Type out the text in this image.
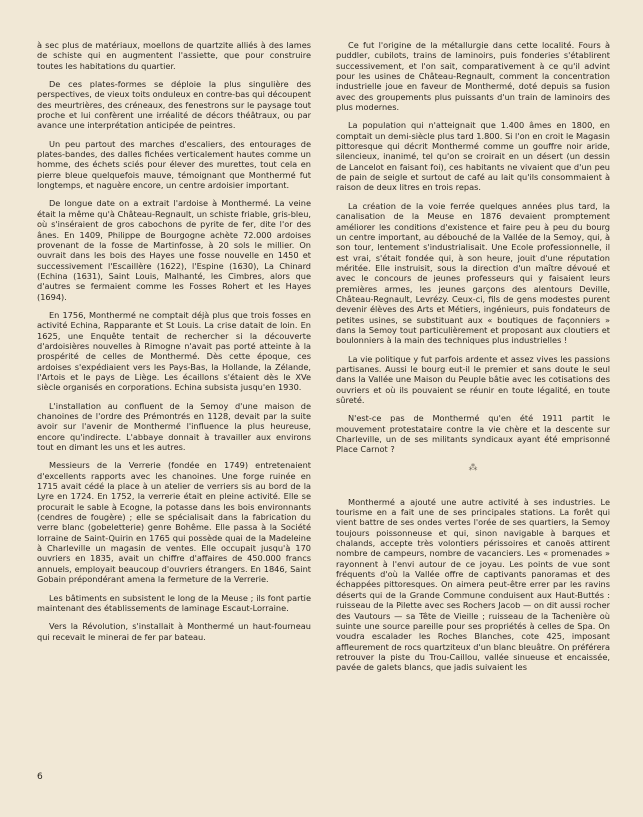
à sec plus de matériaux, moellons de quartzite alliés à des lames de schiste qui en augmentent l'assiette, que pour construire toutes les habitations du quartier.

De ces plates-formes se déploie la plus singulière des perspectives, de vieux toits onduleux en contre-bas qui découpent des meurtrières, des créneaux, des fenestrons sur le paysage tout proche et lui confèrent une irréalité de décors théâtraux, ou par avance une interprétation anticipée de peintres.

Un peu partout des marches d'escaliers, des entourages de plates-bandes, des dalles fichées verticalement hautes comme un homme, des échets sciés pour élever des murettes, tout cela en pierre bleue quelquefois mauve, témoignant que Monthermé fut longtemps, et naguère encore, un centre ardoisier important.

De longue date on a extrait l'ardoise à Monthermé. La veine était la même qu'à Château-Regnault, un schiste friable, gris-bleu, où s'inséraient de gros cabochons de pyrite de fer, dite l'or des ânes. En 1409, Philippe de Bourgogne achète 72.000 ardoises provenant de la fosse de Martinfosse, à 20 sols le millier. On ouvrait dans les bois des Hayes une fosse nouvelle en 1450 et successivement l'Escaillère (1622), l'Espine (1630), La Chinard (Echina (1631), Saint Louis, Malhanté, les Cimbres, alors que d'autres se fermaient comme les Fosses Rohert et les Hayes (1694).

En 1756, Monthermé ne comptait déjà plus que trois fosses en activité Echina, Rapparante et St Louis. La crise datait de loin. En 1625, une Enquête tentait de rechercher si la découverte d'ardoisières nouvelles à Rimogne n'avait pas porté atteinte à la prospérité de celles de Monthermé. Dès cette époque, ces ardoises s'expédiaient vers les Pays-Bas, la Hollande, la Zélande, l'Artois et le pays de Liège. Les écaillons s'étaient dès le XVe siècle organisés en corporations. Echina subsista jusqu'en 1930.

L'installation au confluent de la Semoy d'une maison de chanoines de l'ordre des Prémontrés en 1128, devait par la suite avoir sur l'avenir de Monthermé l'influence la plus heureuse, encore qu'indirecte. L'abbaye donnait à travailler aux environs tout en dimant les uns et les autres.

Messieurs de la Verrerie (fondée en 1749) entretenaient d'excellents rapports avec les chanoines. Une forge ruinée en 1715 avait cédé la place à un atelier de verriers sis au bord de la Lyre en 1724. En 1752, la verrerie était en pleine activité. Elle se procurait le sable à Ecogne, la potasse dans les bois environnants (cendres de fougère) ; elle se spécialisait dans la fabrication du verre blanc (gobeletterie) genre Bohême. Elle passa à la Société lorraine de Saint-Quirin en 1765 qui possède quai de la Madeleine à Charleville un magasin de ventes. Elle occupait jusqu'à 170 ouvriers en 1835, avait un chiffre d'affaires de 450.000 francs annuels, employait beaucoup d'ouvriers étrangers. En 1846, Saint Gobain prépondérant amena la fermeture de la Verrerie.

Les bâtiments en subsistent le long de la Meuse ; ils font partie maintenant des établissements de laminage Escaut-Lorraine.

Vers la Révolution, s'installait à Monthermé un haut-fourneau qui recevait le minerai de fer par bateau.

Ce fut l'origine de la métallurgie dans cette localité. Fours à puddler, cubilots, trains de laminoirs, puis fonderies s'établirent successivement, et l'on sait, comparativement à ce qu'il advint pour les usines de Château-Regnault, comment la concentration industrielle joue en faveur de Monthermé, doté depuis sa fusion avec des groupements plus puissants d'un train de laminoirs des plus modernes.

La population qui n'atteignait que 1.400 âmes en 1800, en comptait un demi-siècle plus tard 1.800. Si l'on en croit le Magasin pittoresque qui décrit Monthermé comme un gouffre noir aride, silencieux, inanimé, tel qu'on se croirait en un désert (un dessin de Lancelot en faisant foi), ces habitants ne vivaient que d'un peu de pain de seigle et surtout de café au lait qu'ils consommaient à raison de deux litres en trois repas.

La création de la voie ferrée quelques années plus tard, la canalisation de la Meuse en 1876 devaient promptement améliorer les conditions d'existence et faire peu à peu du bourg un centre important, au débouché de la Vallée de la Semoy, qui, à son tour, lentement s'industrialisait. Une Ecole professionnelle, il est vrai, s'était fondée qui, à son heure, jouit d'une réputation méritée. Elle instruisit, sous la direction d'un maître dévoué et avec le concours de jeunes professeurs qui y faisaient leurs premières armes, les jeunes garçons des alentours Deville, Château-Regnault, Levrézy. Ceux-ci, fils de gens modestes purent devenir élèves des Arts et Métiers, ingénieurs, puis fondateurs de petites usines, se substituant aux « boutiques de façonniers » dans la Semoy tout particulièrement et proposant aux cloutiers et boulonniers à la main des techniques plus industrielles !

La vie politique y fut parfois ardente et assez vives les passions partisanes. Aussi le bourg eut-il le premier et sans doute le seul dans la Vallée une Maison du Peuple bâtie avec les cotisations des ouvriers et où ils pouvaient se réunir en toute légalité, en toute sûreté.

N'est-ce pas de Monthermé qu'en été 1911 partit le mouvement protestataire contre la vie chère et la descente sur Charleville, un de ses militants syndicaux ayant été emprisonné Place Carnot ?

⁂

Monthermé a ajouté une autre activité à ses industries. Le tourisme en a fait une de ses principales stations. La forêt qui vient battre de ses ondes vertes l'orée de ses quartiers, la Semoy toujours poissonneuse et qui, sinon navigable à barques et chalands, accepte très volontiers périssoires et canoës attirent nombre de campeurs, nombre de vacanciers. Les « promenades » rayonnent à l'envi autour de ce joyau. Les points de vue sont fréquents d'où la Vallée offre de captivants panoramas et des échappées pittoresques. On aimera peut-être errer par les ravins déserts qui de la Grande Commune conduisent aux Haut-Buttés : ruisseau de la Pilette avec ses Rochers Jacob — on dit aussi rocher des Vautours — sa Tête de Vieille ; ruisseau de la Tachenière où suinte une source pareille pour ses propriétés à celles de Spa. On voudra escalader les Roches Blanches, cote 425, imposant affleurement de rocs quartziteux d'un blanc bleuâtre. On préférera retrouver la piste du Trou-Caillou, vallée sinueuse et encaissée, pavée de galets blancs, que jadis suivaient les

6
